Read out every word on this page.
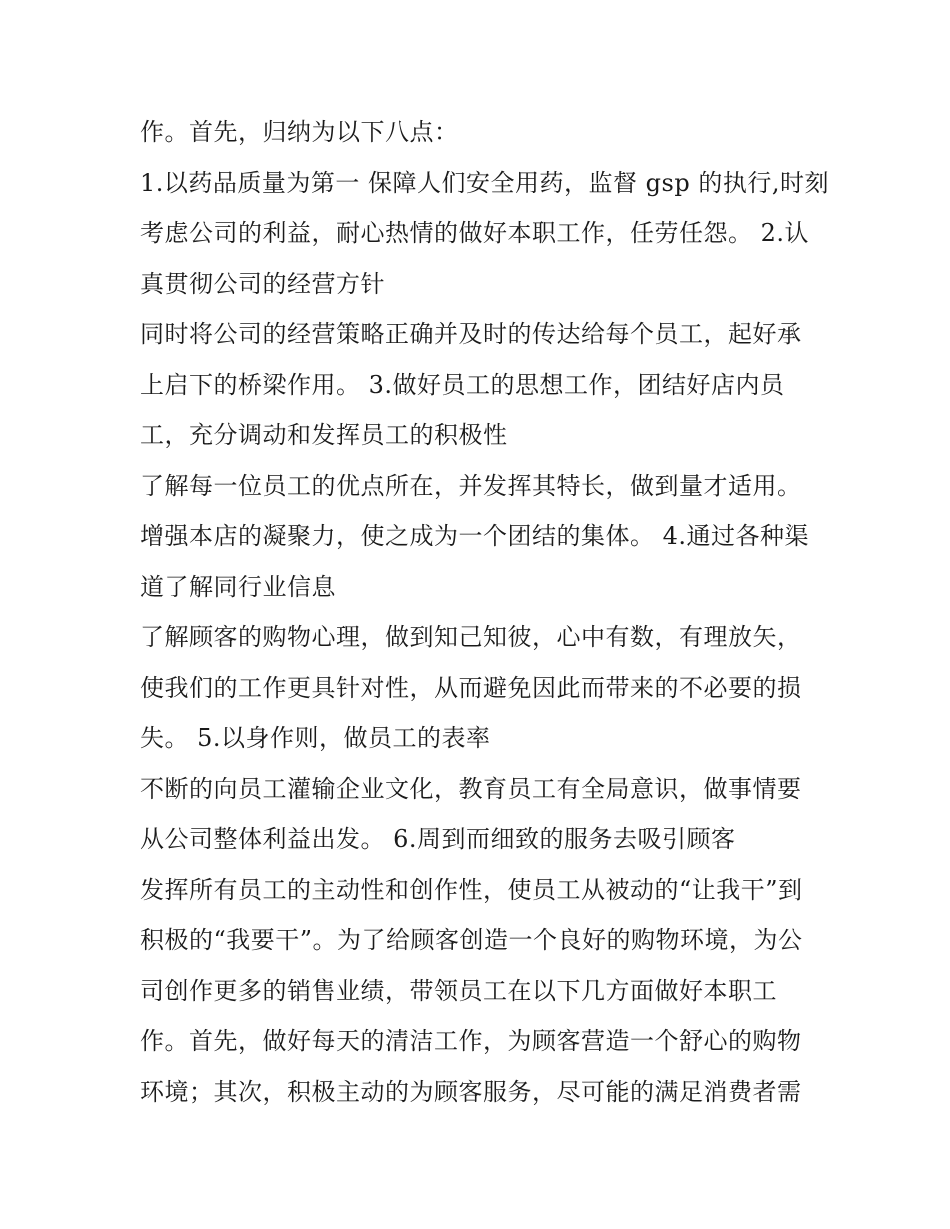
作。首先，归纳为以下八点：
1.以药品质量为第一 保障人们安全用药，监督 gsp 的执行,时刻
考虑公司的利益，耐心热情的做好本职工作，任劳任怨。 2.认
真贯彻公司的经营方针
同时将公司的经营策略正确并及时的传达给每个员工，起好承
上启下的桥梁作用。 3.做好员工的思想工作，团结好店内员
工，充分调动和发挥员工的积极性
了解每一位员工的优点所在，并发挥其特长，做到量才适用。
增强本店的凝聚力，使之成为一个团结的集体。 4.通过各种渠
道了解同行业信息
了解顾客的购物心理，做到知己知彼，心中有数，有理放矢，
使我们的工作更具针对性，从而避免因此而带来的不必要的损
失。 5.以身作则，做员工的表率
不断的向员工灌输企业文化，教育员工有全局意识，做事情要
从公司整体利益出发。 6.周到而细致的服务去吸引顾客
发挥所有员工的主动性和创作性，使员工从被动的“让我干”到
积极的“我要干”。为了给顾客创造一个良好的购物环境，为公
司创作更多的销售业绩，带领员工在以下几方面做好本职工
作。首先，做好每天的清洁工作，为顾客营造一个舒心的购物
环境；其次，积极主动的为顾客服务，尽可能的满足消费者需
